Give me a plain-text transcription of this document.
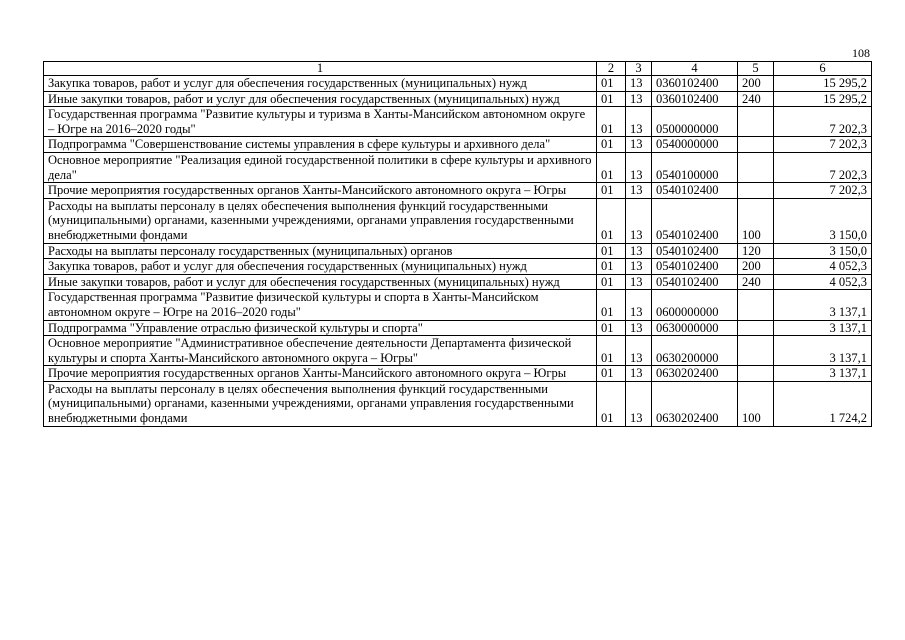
108
1	2	3	4	5	6
Закупка товаров, работ и услуг для обеспечения государственных (муниципальных) нужд	01	13	0360102400	200	15 295,2
Иные закупки товаров, работ и услуг для обеспечения государственных (муниципальных) нужд	01	13	0360102400	240	15 295,2
Государственная программа "Развитие культуры и туризма в Ханты-Мансийском автономном округе – Югре на 2016–2020 годы"	01	13	0500000000		7 202,3
Подпрограмма "Совершенствование системы управления в сфере культуры и архивного дела"	01	13	0540000000		7 202,3
Основное мероприятие "Реализация единой государственной политики в сфере культуры и архивного дела"	01	13	0540100000		7 202,3
Прочие мероприятия государственных органов Ханты-Мансийского автономного округа – Югры	01	13	0540102400		7 202,3
Расходы на выплаты персоналу в целях обеспечения выполнения функций государственными (муниципальными) органами, казенными учреждениями, органами управления государственными внебюджетными фондами	01	13	0540102400	100	3 150,0
Расходы на выплаты персоналу государственных (муниципальных) органов	01	13	0540102400	120	3 150,0
Закупка товаров, работ и услуг для обеспечения государственных (муниципальных) нужд	01	13	0540102400	200	4 052,3
Иные закупки товаров, работ и услуг для обеспечения государственных (муниципальных) нужд	01	13	0540102400	240	4 052,3
Государственная программа "Развитие физической культуры и спорта в Ханты-Мансийском автономном округе – Югре на 2016–2020 годы"	01	13	0600000000		3 137,1
Подпрограмма "Управление отраслью физической культуры и спорта"	01	13	0630000000		3 137,1
Основное мероприятие "Административное обеспечение деятельности Департамента физической культуры и спорта Ханты-Мансийского автономного округа – Югры"	01	13	0630200000		3 137,1
Прочие мероприятия государственных органов Ханты-Мансийского автономного округа – Югры	01	13	0630202400		3 137,1
Расходы на выплаты персоналу в целях обеспечения выполнения функций государственными (муниципальными) органами, казенными учреждениями, органами управления государственными внебюджетными фондами	01	13	0630202400	100	1 724,2
